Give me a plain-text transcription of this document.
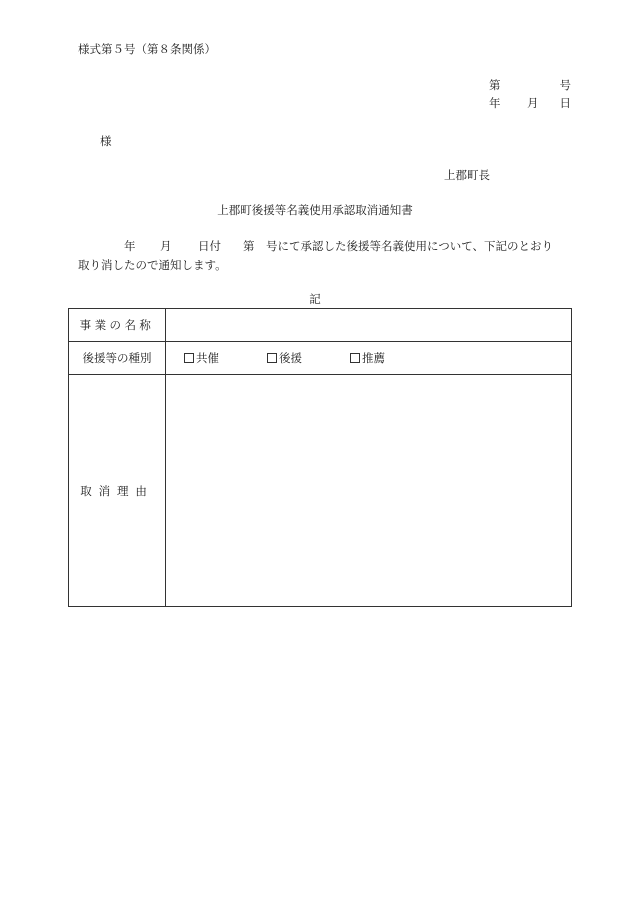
様式第５号（第８条関係）
第	号
年 月 日
様
上郡町長
上郡町後援等名義使用承認取消通知書
年 月 日付 第 号にて承認した後援等名義使用について、下記のとおり
取り消したので通知します。
記
事業の名称	
後援等の種別	共催 後援 推薦

取消理由	
